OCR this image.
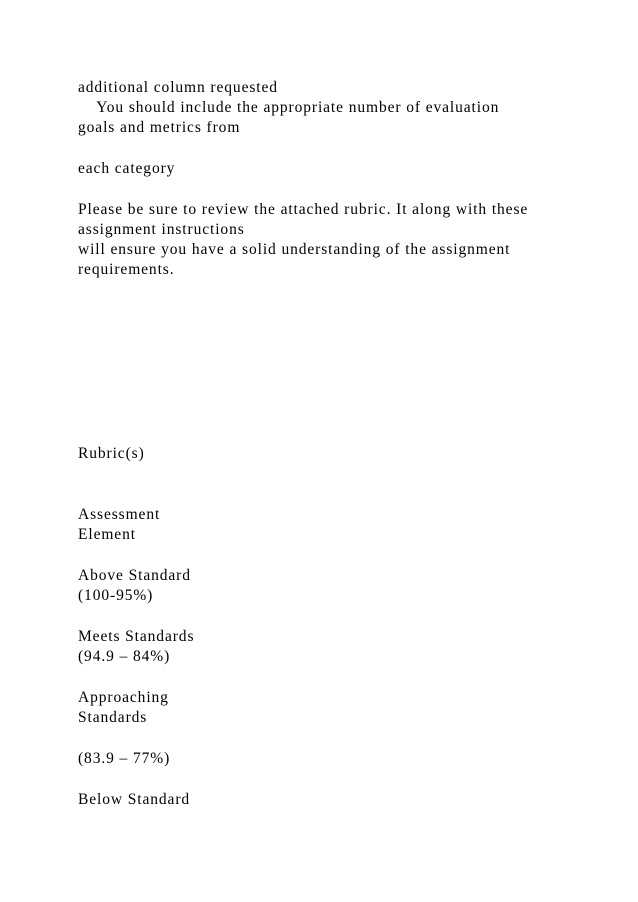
additional column requested
You should include the appropriate number of evaluation
goals and metrics from
each category
Please be sure to review the attached rubric. It along with these
assignment instructions
will ensure you have a solid understanding of the assignment
requirements.
Rubric(s)
Assessment
Element
Above Standard
(100-95%)
Meets Standards
(94.9 – 84%)
Approaching
Standards
(83.9 – 77%)
Below Standard
